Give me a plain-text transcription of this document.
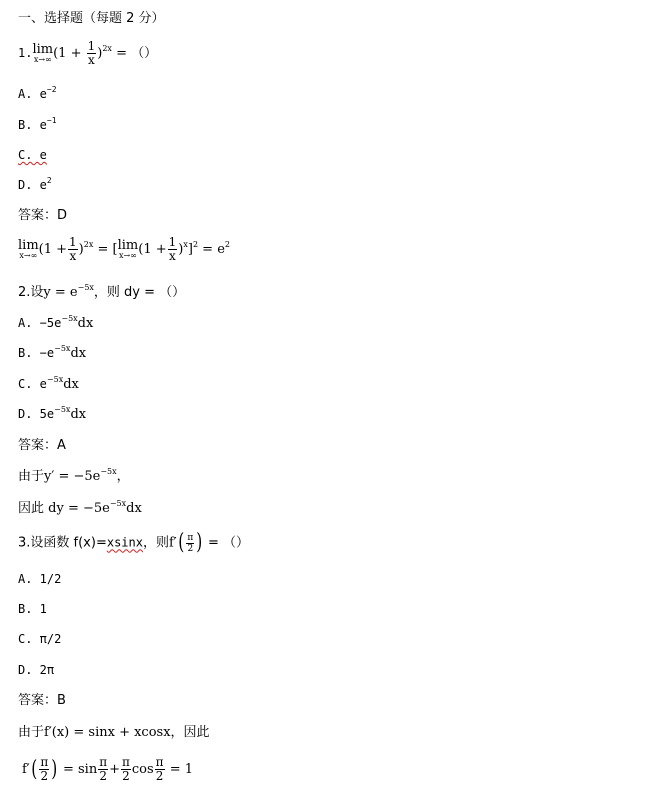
一、选择题（每题 2 分）
1. lim
x→∞ $(1 + \frac{1}{x} )^{2x}$ = （）
A. $e^{-2}$
B. $e^{-1}$
C. e
D. $e^2$
答案：D
lim
x→∞ $(1 + \frac{1}{x} )^{2x}$ = [ lim
x→∞ $(1 + \frac{1}{x} )^x]^2 = e^2$
2.设$y = e^{-5x}$，则 dy = （）
A. $-5e^{-5x}dx$
B. $-e^{-5x}dx$
C. $e^{-5x}dx$
D. $5e^{-5x}dx$
答案：A
由于$y' = -5e^{-5x}$，
因此 dy = $-5e^{-5x}dx$
3.设函数 f(x)=xsinx，则$f'( \frac{\pi}{2}$ ) = （）
A. 1/2
B. 1
C. π/2
D. 2π
答案：B
由于f′(x) = sinx + xcosx，因此
$f'( \frac{\pi}{2}$ ) = $\sin \frac{\pi}{2} + \frac{\pi}{2}$ $\cos \frac{\pi}{2} = 1$
